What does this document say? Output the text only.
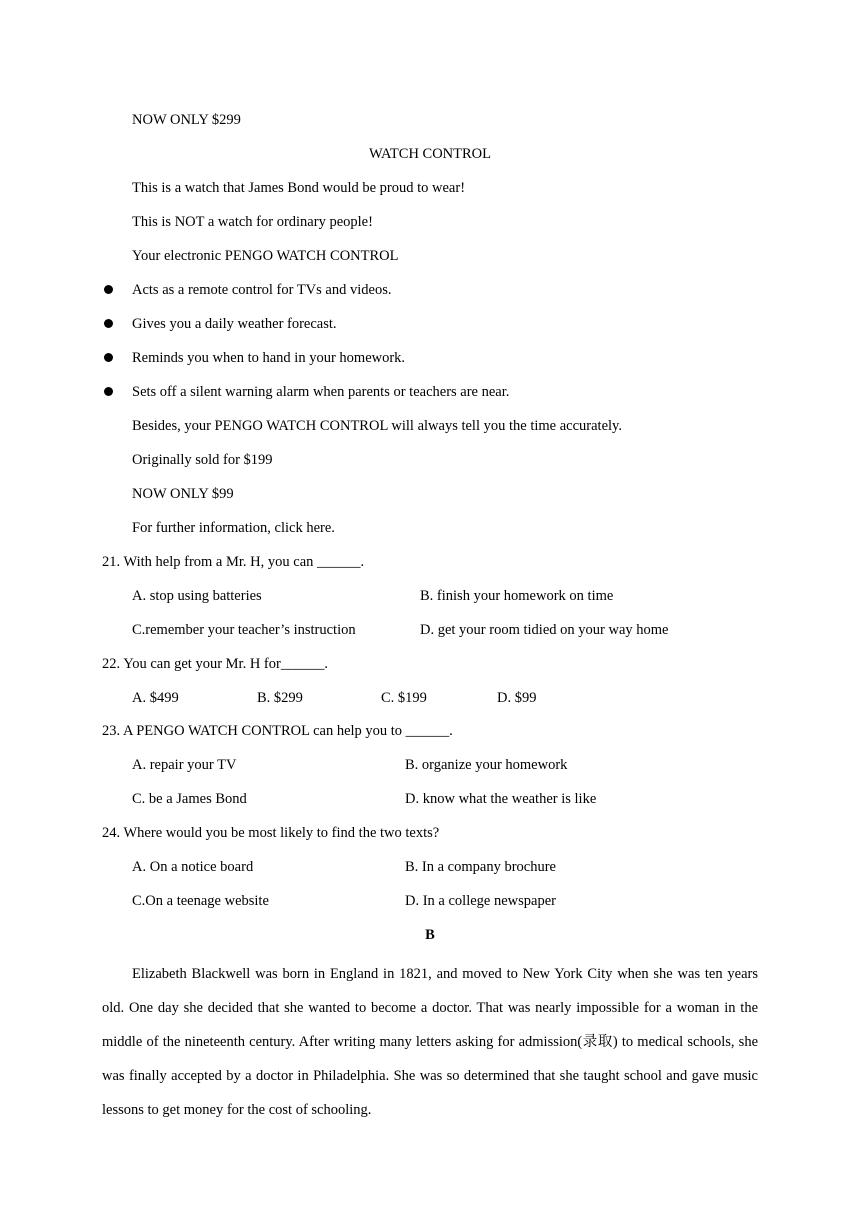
NOW ONLY $299
WATCH CONTROL
This is a watch that James Bond would be proud to wear!
This is NOT a watch for ordinary people!
Your electronic PENGO WATCH CONTROL
Acts as a remote control for TVs and videos.
Gives you a daily weather forecast.
Reminds you when to hand in your homework.
Sets off a silent warning alarm when parents or teachers are near.
Besides, your PENGO WATCH CONTROL will always tell you the time accurately.
Originally sold for $199
NOW ONLY $99
For further information, click here.
21. With help from a Mr. H, you can ______.
A. stop using batteries	B. finish your homework on time
C.remember your teacher’s instruction	D. get your room tidied on your way home
22. You can get your Mr. H for______.
A. $499	B. $299	C. $199	D. $99
23. A PENGO WATCH CONTROL can help you to ______.
A. repair your TV	B. organize your homework
C. be a James Bond	D. know what the weather is like
24. Where would you be most likely to find the two texts?
A. On a notice board	B. In a company brochure
C.On a teenage website	D. In a college newspaper
B
Elizabeth Blackwell was born in England in 1821, and moved to New York City when she was ten years old. One day she decided that she wanted to become a doctor. That was nearly impossible for a woman in the middle of the nineteenth century. After writing many letters asking for admission(录取) to medical schools, she was finally accepted by a doctor in Philadelphia. She was so determined that she taught school and gave music lessons to get money for the cost of schooling.
